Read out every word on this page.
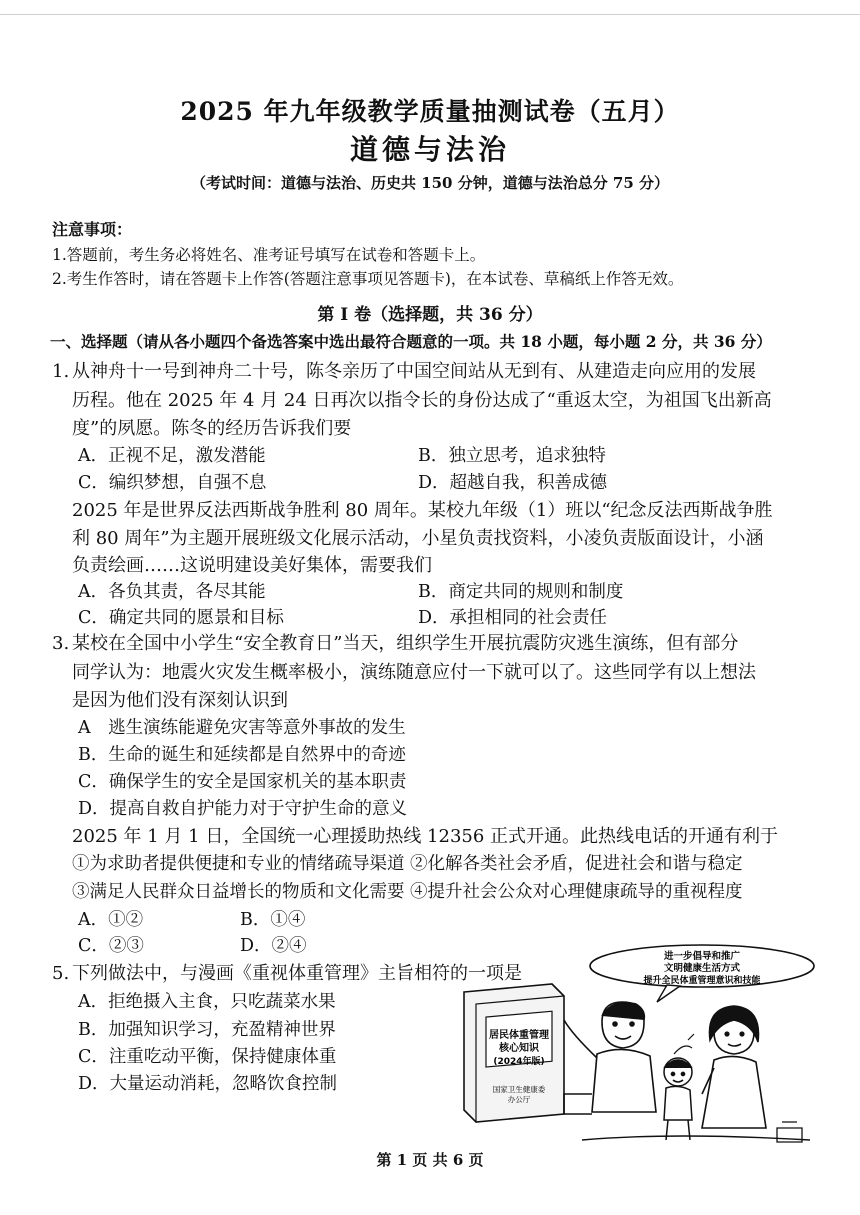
2025 年九年级教学质量抽测试卷（五月）
道德与法治
（考试时间：道德与法治、历史共 150 分钟，道德与法治总分 75 分）
注意事项：
1.答题前，考生务必将姓名、准考证号填写在试卷和答题卡上。
2.考生作答时，请在答题卡上作答(答题注意事项见答题卡)，在本试卷、草稿纸上作答无效。
第 I 卷（选择题，共 36 分）
一、选择题（请从各小题四个备选答案中选出最符合题意的一项。共 18 小题，每小题 2 分，共 36 分）
1. 从神舟十一号到神舟二十号，陈冬亲历了中国空间站从无到有、从建造走向应用的发展
历程。他在 2025 年 4 月 24 日再次以指令长的身份达成了“重返太空，为祖国飞出新高
度”的夙愿。陈冬的经历告诉我们要
A．正视不足，激发潜能	B．独立思考，追求独特
C．编织梦想，自强不息	D．超越自我，积善成德
2025 年是世界反法西斯战争胜利 80 周年。某校九年级（1）班以“纪念反法西斯战争胜
利 80 周年”为主题开展班级文化展示活动，小星负责找资料，小凌负责版面设计，小涵
负责绘画……这说明建设美好集体，需要我们
A．各负其责，各尽其能	B．商定共同的规则和制度
C．确定共同的愿景和目标	D．承担相同的社会责任
3. 某校在全国中小学生“安全教育日”当天，组织学生开展抗震防灾逃生演练，但有部分
同学认为：地震火灾发生概率极小，演练随意应付一下就可以了。这些同学有以上想法
是因为他们没有深刻认识到
A　逃生演练能避免灾害等意外事故的发生
B．生命的诞生和延续都是自然界中的奇迹
C．确保学生的安全是国家机关的基本职责
D．提高自救自护能力对于守护生命的意义
2025 年 1 月 1 日，全国统一心理援助热线 12356 正式开通。此热线电话的开通有利于
①为求助者提供便捷和专业的情绪疏导渠道 ②化解各类社会矛盾，促进社会和谐与稳定
③满足人民群众日益增长的物质和文化需要 ④提升社会公众对心理健康疏导的重视程度
A．①②	B．①④
C．②③	D．②④
5. 下列做法中，与漫画《重视体重管理》主旨相符的一项是
A．拒绝摄入主食，只吃蔬菜水果
B．加强知识学习，充盈精神世界
C．注重吃动平衡，保持健康体重
D．大量运动消耗，忽略饮食控制
进一步倡导和推广
文明健康生活方式
提升全民体重管理意识和技能
居民体重管理
核心知识
(2024年版)
国家卫生健康委
办公厅
第 1 页 共 6 页
